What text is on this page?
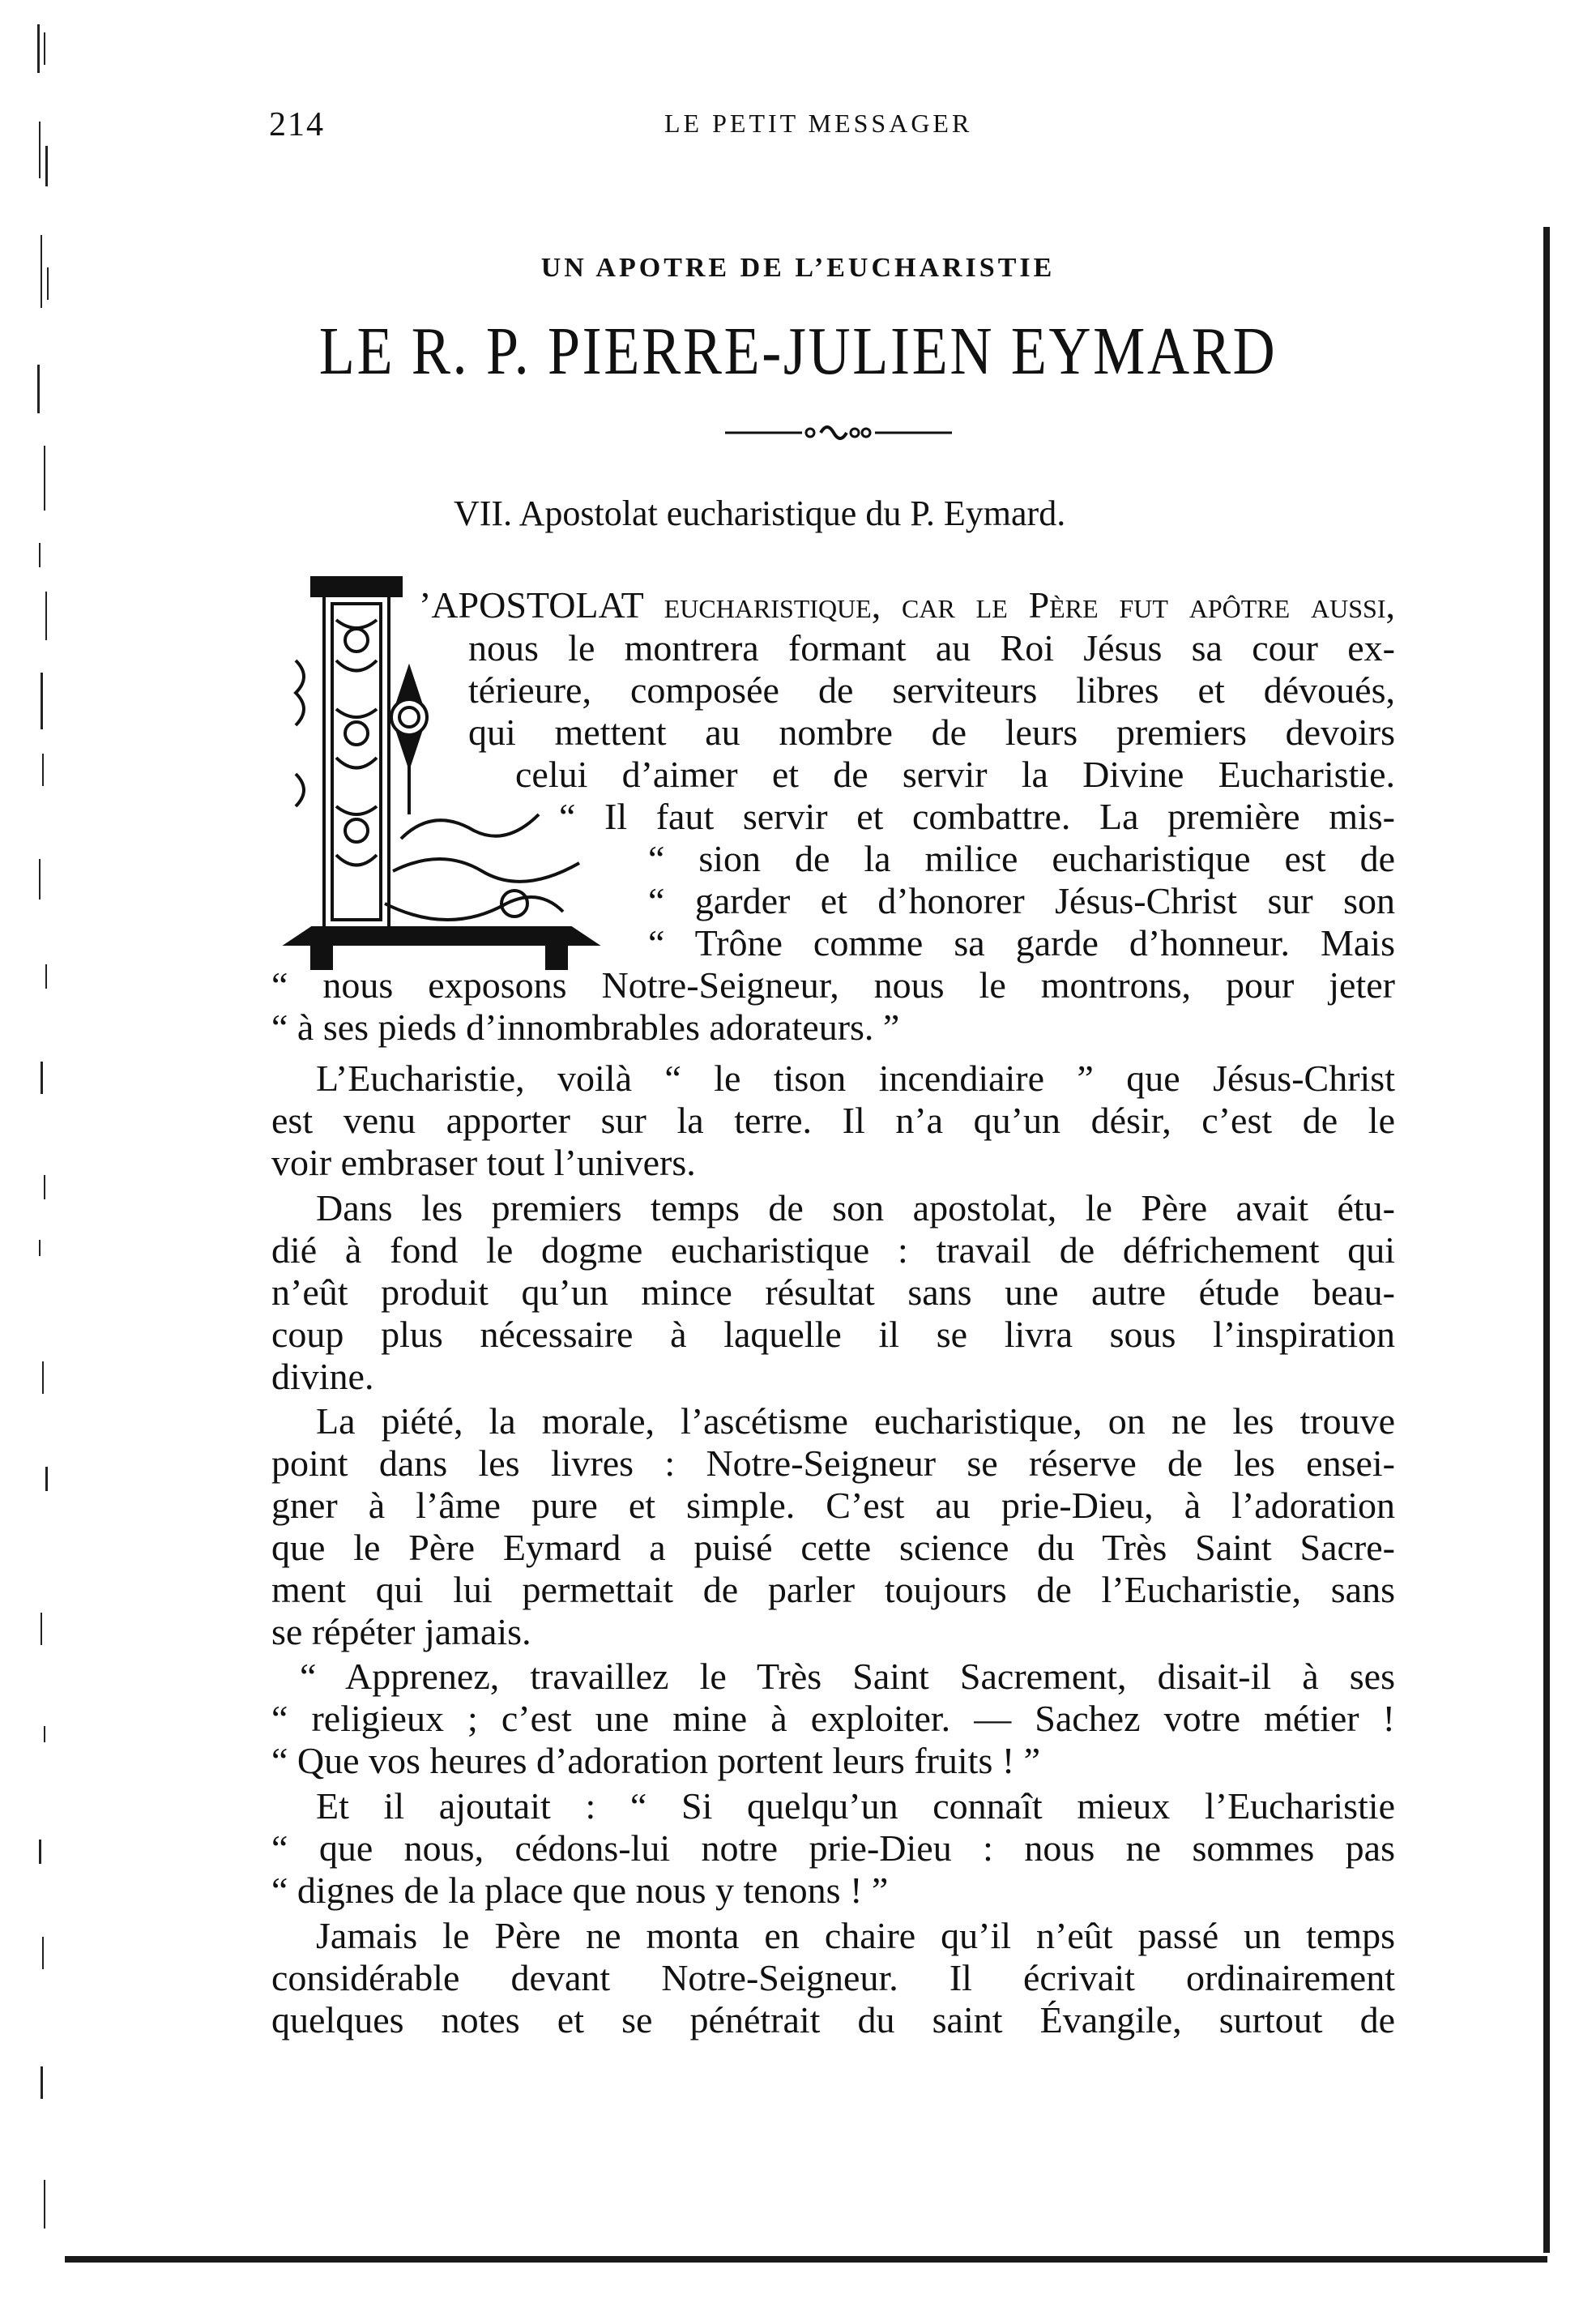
214	LE PETIT MESSAGER
UN APOTRE DE L’EUCHARISTIE
LE R. P. PIERRE-JULIEN EYMARD
VII. Apostolat eucharistique du P. Eymard.
’APOSTOLAT eucharistique, car le Père fut apôtre aussi,
nous le montrera formant au Roi Jésus sa cour ex-
térieure, composée de serviteurs libres et dévoués,
qui mettent au nombre de leurs premiers devoirs
celui d’aimer et de servir la Divine Eucharistie.
“ Il faut servir et combattre. La première mis-
“ sion de la milice eucharistique est de
“ garder et d’honorer Jésus-Christ sur son
“ Trône comme sa garde d’honneur. Mais
“ nous exposons Notre-Seigneur, nous le montrons, pour jeter
“ à ses pieds d’innombrables adorateurs. ”
L’Eucharistie, voilà “ le tison incendiaire ” que Jésus-Christ
est venu apporter sur la terre. Il n’a qu’un désir, c’est de le
voir embraser tout l’univers.
Dans les premiers temps de son apostolat, le Père avait étu-
dié à fond le dogme eucharistique : travail de défrichement qui
n’eût produit qu’un mince résultat sans une autre étude beau-
coup plus nécessaire à laquelle il se livra sous l’inspiration
divine.
La piété, la morale, l’ascétisme eucharistique, on ne les trouve
point dans les livres : Notre-Seigneur se réserve de les ensei-
gner à l’âme pure et simple. C’est au prie-Dieu, à l’adoration
que le Père Eymard a puisé cette science du Très Saint Sacre-
ment qui lui permettait de parler toujours de l’Eucharistie, sans
se répéter jamais.
“ Apprenez, travaillez le Très Saint Sacrement, disait-il à ses
“ religieux ; c’est une mine à exploiter. — Sachez votre métier !
“ Que vos heures d’adoration portent leurs fruits ! ”
Et il ajoutait : “ Si quelqu’un connaît mieux l’Eucharistie
“ que nous, cédons-lui notre prie-Dieu : nous ne sommes pas
“ dignes de la place que nous y tenons ! ”
Jamais le Père ne monta en chaire qu’il n’eût passé un temps
considérable devant Notre-Seigneur. Il écrivait ordinairement
quelques notes et se pénétrait du saint Évangile, surtout de
